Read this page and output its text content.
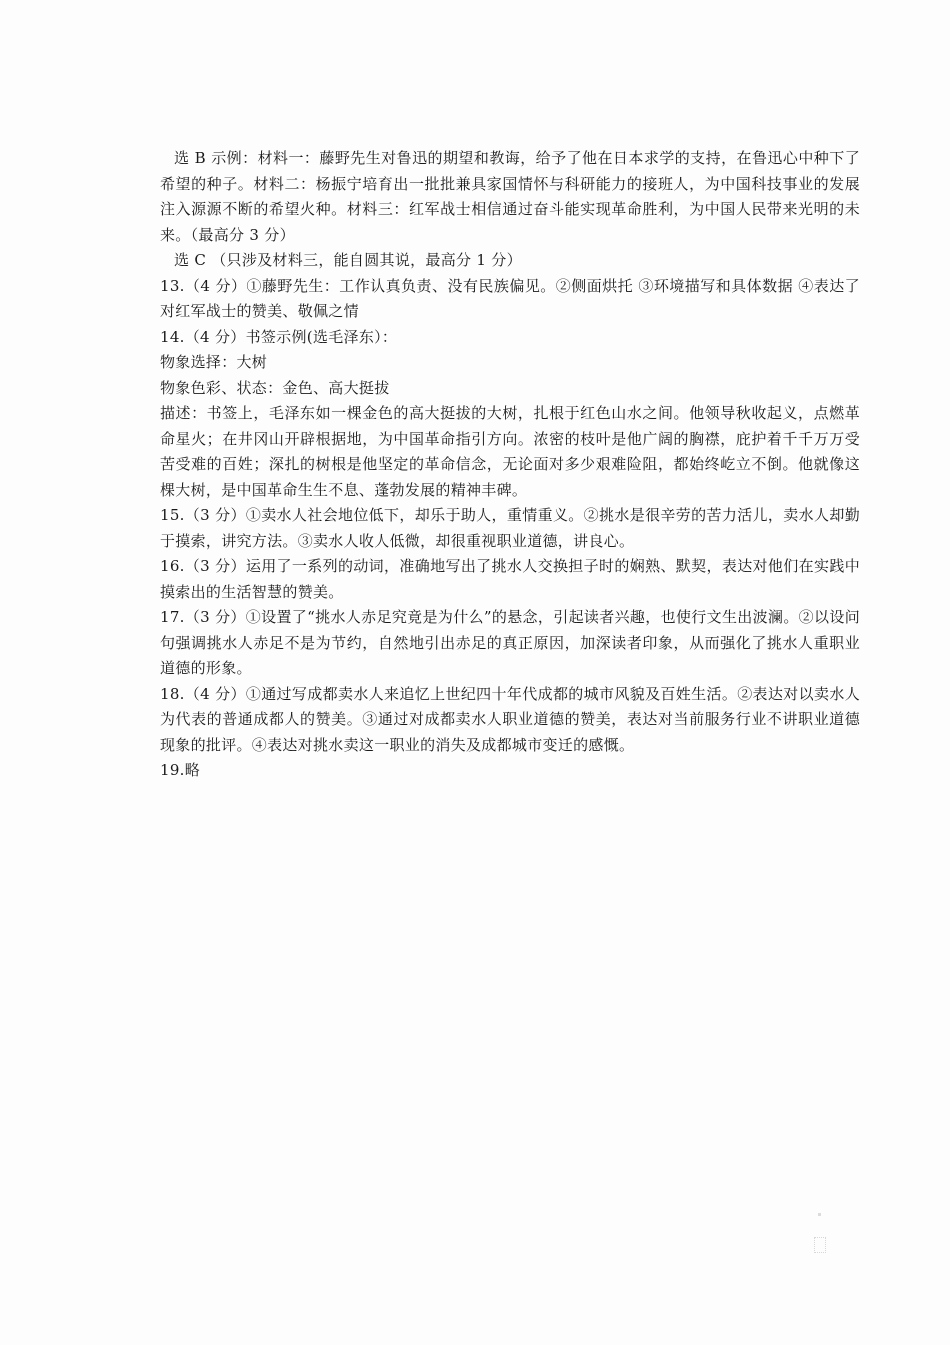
选 B 示例：材料一：藤野先生对鲁迅的期望和教诲，给予了他在日本求学的支持，在鲁迅心中种下了希望的种子。材料二：杨振宁培育出一批批兼具家国情怀与科研能力的接班人，为中国科技事业的发展注入源源不断的希望火种。材料三：红军战士相信通过奋斗能实现革命胜利，为中国人民带来光明的未来。（最高分 3 分）

选 C （只涉及材料三，能自圆其说，最高分 1 分）

13.（4 分）①藤野先生：工作认真负责、没有民族偏见。②侧面烘托 ③环境描写和具体数据 ④表达了对红军战士的赞美、敬佩之情

14.（4 分）书签示例(选毛泽东）：

物象选择：大树

物象色彩、状态：金色、高大挺拔

描述：书签上，毛泽东如一棵金色的高大挺拔的大树，扎根于红色山水之间。他领导秋收起义，点燃革命星火；在井冈山开辟根据地，为中国革命指引方向。浓密的枝叶是他广阔的胸襟，庇护着千千万万受苦受难的百姓；深扎的树根是他坚定的革命信念，无论面对多少艰难险阻，都始终屹立不倒。他就像这棵大树，是中国革命生生不息、蓬勃发展的精神丰碑。

15.（3 分）①卖水人社会地位低下，却乐于助人，重情重义。②挑水是很辛劳的苦力活儿，卖水人却勤于摸索，讲究方法。③卖水人收人低微，却很重视职业道德，讲良心。

16.（3 分）运用了一系列的动词，准确地写出了挑水人交换担子时的娴熟、默契，表达对他们在实践中摸索出的生活智慧的赞美。

17.（3 分）①设置了“挑水人赤足究竟是为什么”的悬念，引起读者兴趣，也使行文生出波澜。②以设问句强调挑水人赤足不是为节约，自然地引出赤足的真正原因，加深读者印象，从而强化了挑水人重职业道德的形象。

18.（4 分）①通过写成都卖水人来追忆上世纪四十年代成都的城市风貌及百姓生活。②表达对以卖水人为代表的普通成都人的赞美。③通过对成都卖水人职业道德的赞美，表达对当前服务行业不讲职业道德现象的批评。④表达对挑水卖这一职业的消失及成都城市变迁的感慨。

19.略
